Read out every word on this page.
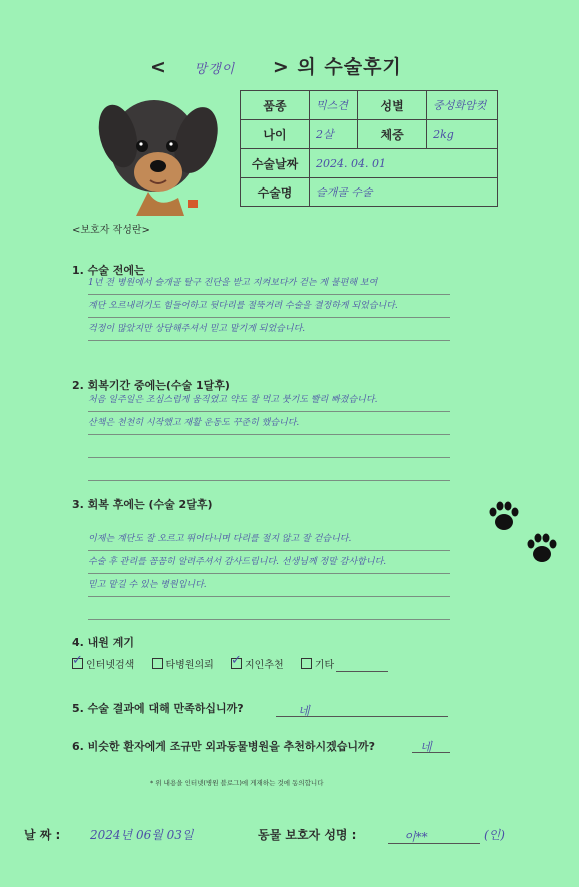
< 망갱이 > 의 수술후기
품종	믹스견	성별	중성화암컷
나이	2살	체중	2kg
수술날짜	2024. 04. 01		
수술명	슬개골 수술		
<보호자 작성란>
1. 수술 전에는
1년 전 병원에서 슬개골 탈구 진단을 받고 지켜보다가 걷는 게 불편해 보여
계단 오르내리기도 힘들어하고 뒷다리를 절뚝거려 수술을 결정하게 되었습니다.
걱정이 많았지만 상담해주셔서 믿고 맡기게 되었습니다.
2. 회복기간 중에는(수술 1달후)
처음 일주일은 조심스럽게 움직였고 약도 잘 먹고 붓기도 빨리 빠졌습니다.
산책은 천천히 시작했고 재활 운동도 꾸준히 했습니다.
3. 회복 후에는 (수술 2달후)
이제는 계단도 잘 오르고 뛰어다니며 다리를 절지 않고 잘 걷습니다.
수술 후 관리를 꼼꼼히 알려주셔서 감사드립니다. 선생님께 정말 감사합니다.
믿고 맡길 수 있는 병원입니다.
4. 내원 계기
✓인터넷검색	타병원의뢰 ✓	지인추천	기타
5. 수술 결과에 대해 만족하십니까?	네
6. 비슷한 환자에게 조규만 외과동물병원을 추천하시겠습니까?	네
* 위 내용을 인터넷(병원 블로그)에 게재하는 것에 동의합니다
날 짜 : 2024년 06월 03일	동물 보호자 성명 :	이**	(인)
